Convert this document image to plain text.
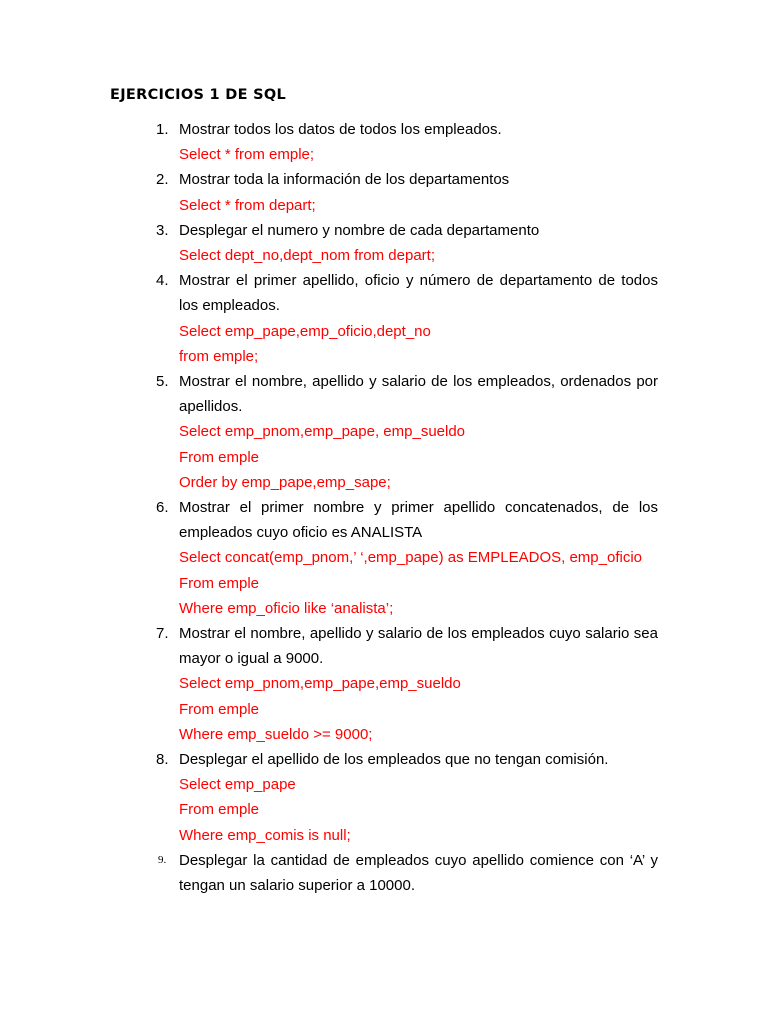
EJERCICIOS 1 DE SQL
1. Mostrar todos los datos de todos los empleados.

Select * from emple;

2. Mostrar toda la información de los departamentos

Select * from depart;

3. Desplegar el numero y nombre de cada departamento

Select dept_no,dept_nom from depart;

4. Mostrar el primer apellido, oficio y número de departamento de todos los empleados.

Select emp_pape,emp_oficio,dept_no

from emple;

5. Mostrar el nombre, apellido y salario de los empleados, ordenados por apellidos.

Select emp_pnom,emp_pape, emp_sueldo

From emple

Order by emp_pape,emp_sape;

6. Mostrar el primer nombre y primer apellido concatenados, de los empleados cuyo oficio es ANALISTA

Select concat(emp_pnom,’ ‘,emp_pape) as EMPLEADOS, emp_oficio

From emple

Where emp_oficio like ‘analista’;

7. Mostrar el nombre, apellido y salario de los empleados cuyo salario sea mayor o igual a 9000.

Select emp_pnom,emp_pape,emp_sueldo

From emple

Where emp_sueldo >= 9000;

8. Desplegar el apellido de los empleados que no tengan comisión.

Select emp_pape

From emple

Where emp_comis is null;

9. Desplegar la cantidad de empleados cuyo apellido comience con ‘A’ y tengan un salario superior a 10000.
